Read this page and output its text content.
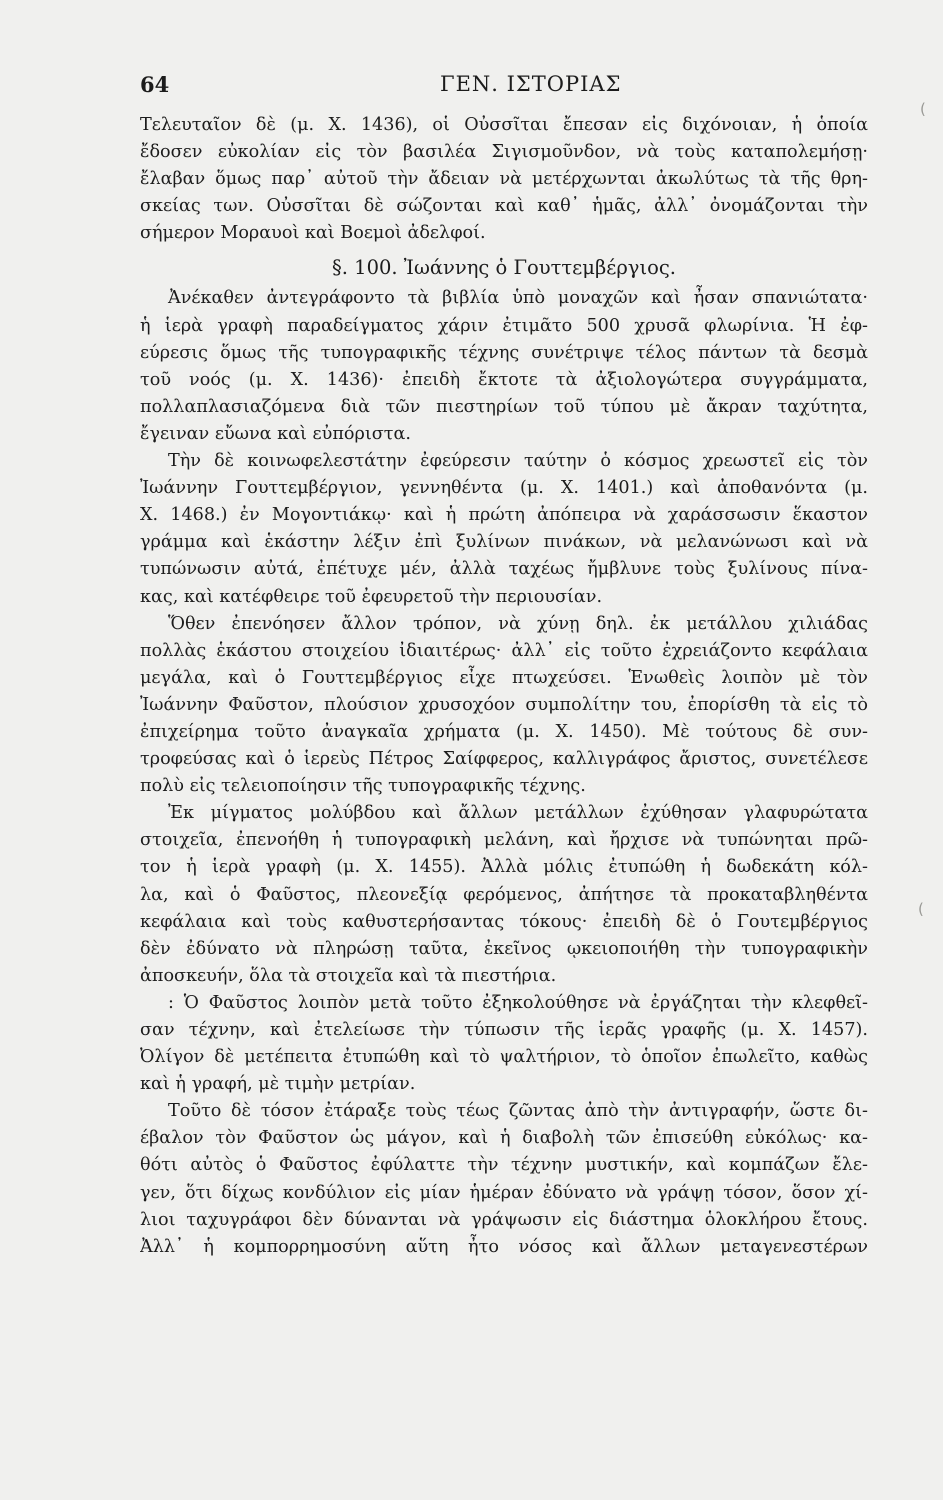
64	ΓΕΝ. ΙΣΤΟΡΙΑΣ
Τελευταῖον δὲ (μ. Χ. 1436), οἱ Οὐσσῖται ἔπεσαν εἰς διχόνοιαν, ἡ ὁποία
ἔδοσεν εὐκολίαν εἰς τὸν βασιλέα Σιγισμοῦνδον, νὰ τοὺς καταπολεμήσῃ·
ἔλαβαν ὅμως παρ᾽ αὐτοῦ τὴν ἄδειαν νὰ μετέρχωνται ἀκωλύτως τὰ τῆς θρη-
σκείας των. Οὐσσῖται δὲ σώζονται καὶ καθ᾽ ἡμᾶς, ἀλλ᾽ ὀνομάζονται τὴν
σήμερον Μοραυοὶ καὶ Βοεμοὶ ἀδελφοί.
§. 100. Ἰωάννης ὁ Γουττεμβέργιος.
Ἀνέκαθεν ἀντεγράφοντο τὰ βιβλία ὑπὸ μοναχῶν καὶ ἦσαν σπανιώτατα·
ἡ ἱερὰ γραφὴ παραδείγματος χάριν ἐτιμᾶτο 500 χρυσᾶ φλωρίνια. Ἡ ἐφ-
εύρεσις ὅμως τῆς τυπογραφικῆς τέχνης συνέτριψε τέλος πάντων τὰ δεσμὰ
τοῦ νοός (μ. Χ. 1436)· ἐπειδὴ ἔκτοτε τὰ ἀξιολογώτερα συγγράμματα,
πολλαπλασιαζόμενα διὰ τῶν πιεστηρίων τοῦ τύπου μὲ ἄκραν ταχύτητα,
ἔγειναν εὔωνα καὶ εὐπόριστα.
Τὴν δὲ κοινωφελεστάτην ἐφεύρεσιν ταύτην ὁ κόσμος χρεωστεῖ εἰς τὸν
Ἰωάννην Γουττεμβέργιον, γεννηθέντα (μ. Χ. 1401.) καὶ ἀποθανόντα (μ.
Χ. 1468.) ἐν Μογοντιάκῳ· καὶ ἡ πρώτη ἀπόπειρα νὰ χαράσσωσιν ἕκαστον
γράμμα καὶ ἑκάστην λέξιν ἐπὶ ξυλίνων πινάκων, νὰ μελανώνωσι καὶ νὰ
τυπώνωσιν αὐτά, ἐπέτυχε μέν, ἀλλὰ ταχέως ἤμβλυνε τοὺς ξυλίνους πίνα-
κας, καὶ κατέφθειρε τοῦ ἐφευρετοῦ τὴν περιουσίαν.
Ὅθεν ἐπενόησεν ἄλλον τρόπον, νὰ χύνῃ δηλ. ἐκ μετάλλου χιλιάδας
πολλὰς ἑκάστου στοιχείου ἰδιαιτέρως· ἀλλ᾽ εἰς τοῦτο ἐχρειάζοντο κεφάλαια
μεγάλα, καὶ ὁ Γουττεμβέργιος εἶχε πτωχεύσει. Ἑνωθεὶς λοιπὸν μὲ τὸν
Ἰωάννην Φαῦστον, πλούσιον χρυσοχόον συμπολίτην του, ἐπορίσθη τὰ εἰς τὸ
ἐπιχείρημα τοῦτο ἀναγκαῖα χρήματα (μ. Χ. 1450). Μὲ τούτους δὲ συν-
τροφεύσας καὶ ὁ ἱερεὺς Πέτρος Σαίφφερος, καλλιγράφος ἄριστος, συνετέλεσε
πολὺ εἰς τελειοποίησιν τῆς τυπογραφικῆς τέχνης.
Ἐκ μίγματος μολύβδου καὶ ἄλλων μετάλλων ἐχύθησαν γλαφυρώτατα
στοιχεῖα, ἐπενοήθη ἡ τυπογραφικὴ μελάνη, καὶ ἤρχισε νὰ τυπώνηται πρῶ-
τον ἡ ἱερὰ γραφὴ (μ. Χ. 1455). Ἀλλὰ μόλις ἐτυπώθη ἡ δωδεκάτη κόλ-
λα, καὶ ὁ Φαῦστος, πλεονεξίᾳ φερόμενος, ἀπήτησε τὰ προκαταβληθέντα
κεφάλαια καὶ τοὺς καθυστερήσαντας τόκους· ἐπειδὴ δὲ ὁ Γουτεμβέργιος
δὲν ἐδύνατο νὰ πληρώσῃ ταῦτα, ἐκεῖνος ῳκειοποιήθη τὴν τυπογραφικὴν
ἀποσκευήν, ὅλα τὰ στοιχεῖα καὶ τὰ πιεστήρια.
: Ὁ Φαῦστος λοιπὸν μετὰ τοῦτο ἐξηκολούθησε νὰ ἐργάζηται τὴν κλεφθεῖ-
σαν τέχνην, καὶ ἐτελείωσε τὴν τύπωσιν τῆς ἱερᾶς γραφῆς (μ. Χ. 1457).
Ὀλίγον δὲ μετέπειτα ἐτυπώθη καὶ τὸ ψαλτήριον, τὸ ὁποῖον ἐπωλεῖτο, καθὼς
καὶ ἡ γραφή, μὲ τιμὴν μετρίαν.
Τοῦτο δὲ τόσον ἐτάραξε τοὺς τέως ζῶντας ἀπὸ τὴν ἀντιγραφήν, ὥστε δι-
έβαλον τὸν Φαῦστον ὡς μάγον, καὶ ἡ διαβολὴ τῶν ἐπισεύθη εὐκόλως· κα-
θότι αὐτὸς ὁ Φαῦστος ἐφύλαττε τὴν τέχνην μυστικήν, καὶ κομπάζων ἔλε-
γεν, ὅτι δίχως κονδύλιον εἰς μίαν ἡμέραν ἐδύνατο νὰ γράψῃ τόσον, ὅσον χί-
λιοι ταχυγράφοι δὲν δύνανται νὰ γράψωσιν εἰς διάστημα ὁλοκλήρου ἔτους.
Ἀλλ᾽ ἡ κομπορρημοσύνη αὕτη ἦτο νόσος καὶ ἄλλων μεταγενεστέρων
(
(
